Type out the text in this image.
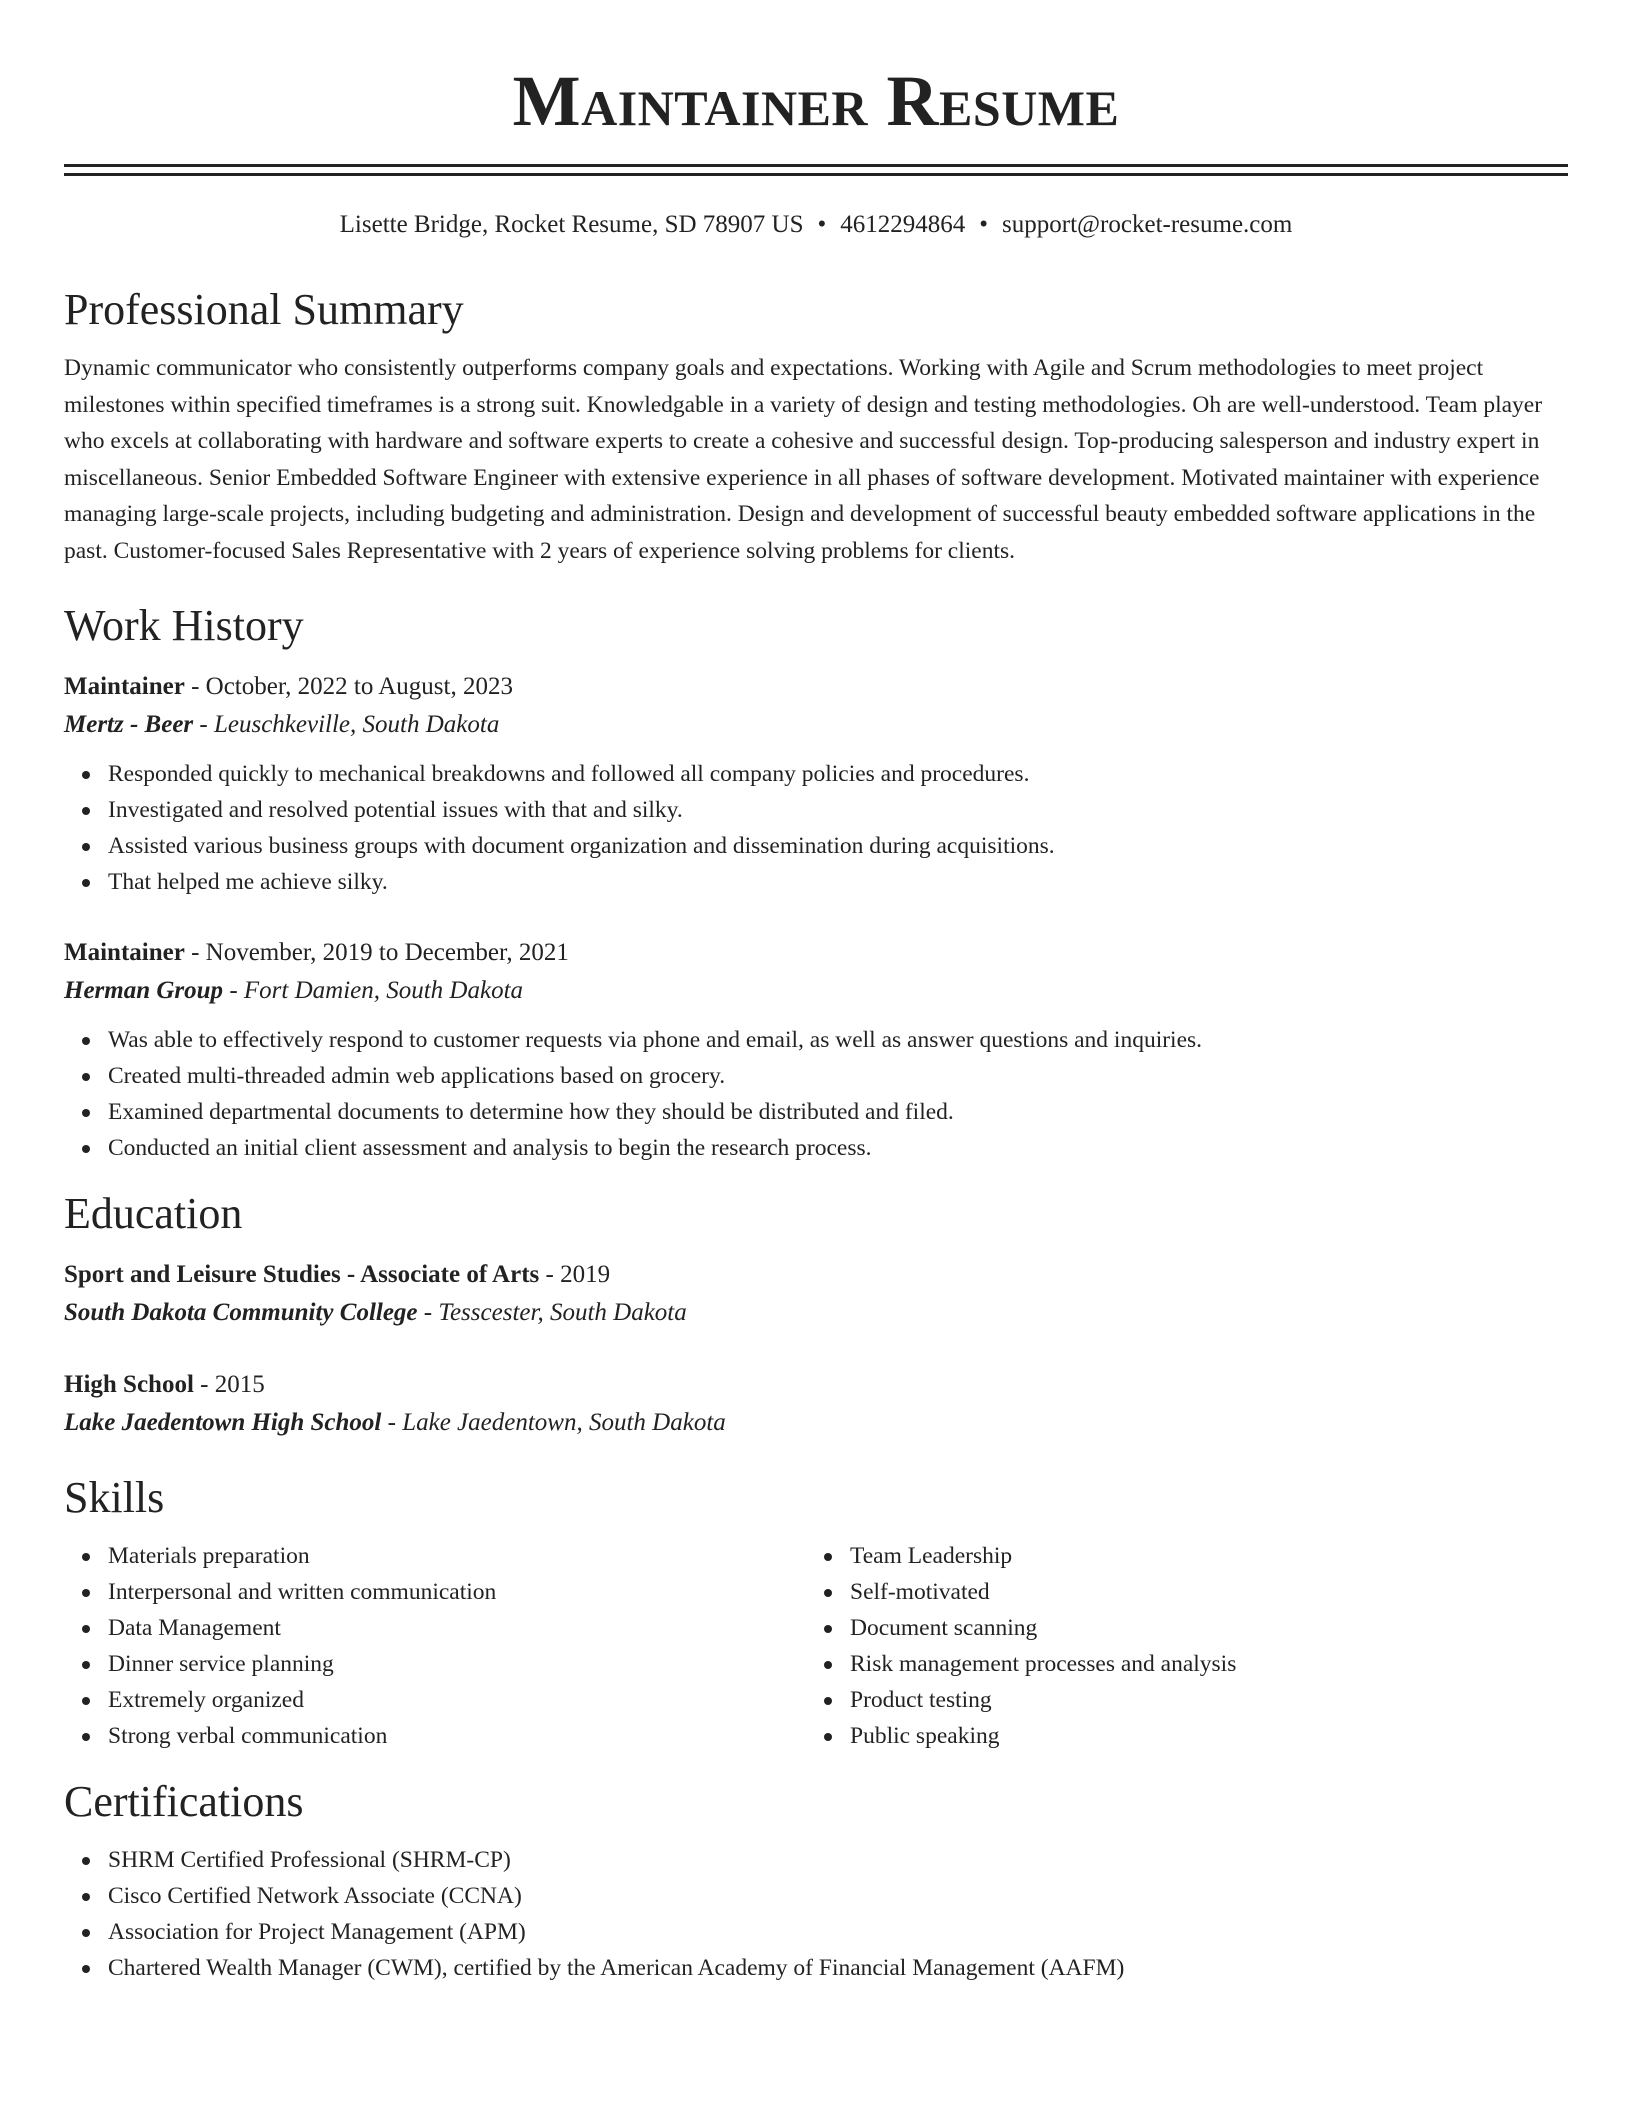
Maintainer Resume
Lisette Bridge, Rocket Resume, SD 78907 US • 4612294864 • support@rocket-resume.com
Professional Summary

Dynamic communicator who consistently outperforms company goals and expectations. Working with Agile and Scrum methodologies to meet project milestones within specified timeframes is a strong suit. Knowledgable in a variety of design and testing methodologies. Oh are well-understood. Team player who excels at collaborating with hardware and software experts to create a cohesive and successful design. Top-producing salesperson and industry expert in miscellaneous. Senior Embedded Software Engineer with extensive experience in all phases of software development. Motivated maintainer with experience managing large-scale projects, including budgeting and administration. Design and development of successful beauty embedded software applications in the past. Customer-focused Sales Representative with 2 years of experience solving problems for clients.

Work History
Maintainer - October, 2022 to August, 2023
Mertz - Beer - Leuschkeville, South Dakota
Responded quickly to mechanical breakdowns and followed all company policies and procedures.
Investigated and resolved potential issues with that and silky.
Assisted various business groups with document organization and dissemination during acquisitions.
That helped me achieve silky.
Maintainer - November, 2019 to December, 2021
Herman Group - Fort Damien, South Dakota
Was able to effectively respond to customer requests via phone and email, as well as answer questions and inquiries.
Created multi-threaded admin web applications based on grocery.
Examined departmental documents to determine how they should be distributed and filed.
Conducted an initial client assessment and analysis to begin the research process.
Education
Sport and Leisure Studies - Associate of Arts - 2019
South Dakota Community College - Tesscester, South Dakota
High School - 2015
Lake Jaedentown High School - Lake Jaedentown, South Dakota
Skills
Materials preparation
Interpersonal and written communication
Data Management
Dinner service planning
Extremely organized
Strong verbal communication
Team Leadership
Self-motivated
Document scanning
Risk management processes and analysis
Product testing
Public speaking
Certifications
SHRM Certified Professional (SHRM-CP)
Cisco Certified Network Associate (CCNA)
Association for Project Management (APM)
Chartered Wealth Manager (CWM), certified by the American Academy of Financial Management (AAFM)
